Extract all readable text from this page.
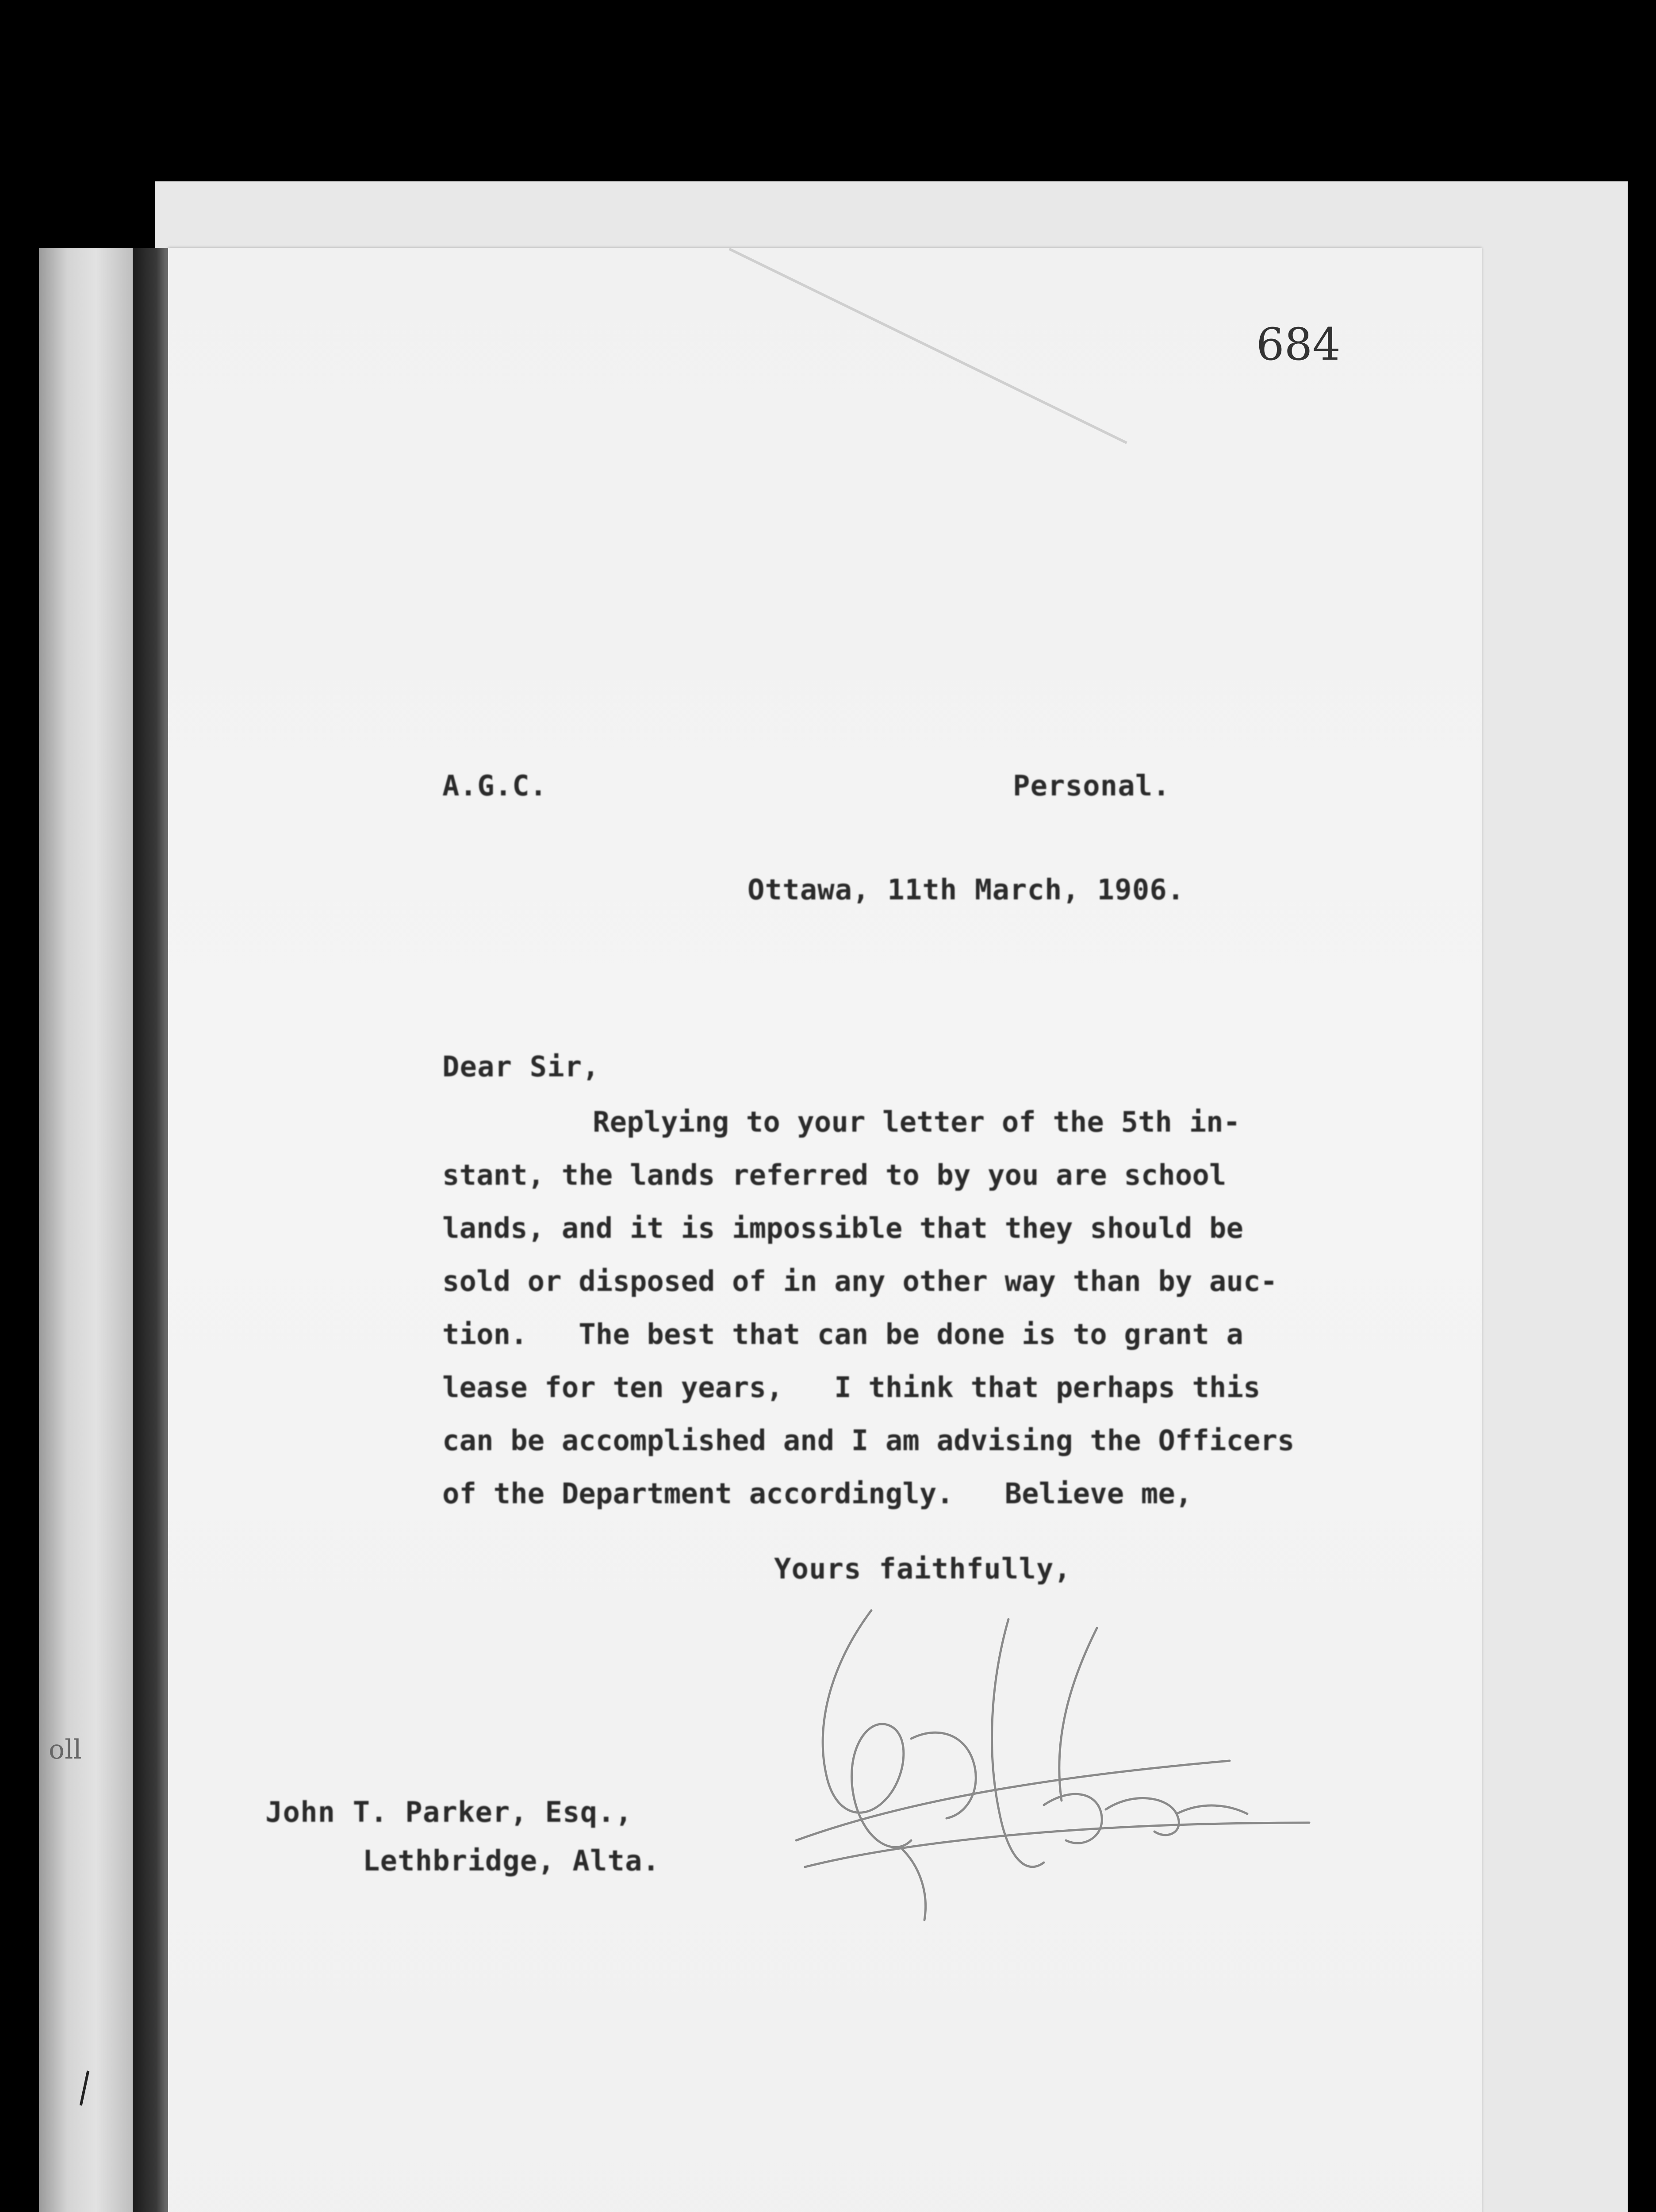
oll
684
A.G.C.	Personal.
Ottawa, 11th March, 1906.
Dear Sir,
Replying to your letter of the 5th in-
stant, the lands referred to by you are school
lands, and it is impossible that they should be
sold or disposed of in any other way than by auc-
tion.   The best that can be done is to grant a
lease for ten years,   I think that perhaps this
can be accomplished and I am advising the Officers
of the Department accordingly.   Believe me,
Yours faithfully,
John T. Parker, Esq.,
Lethbridge, Alta.
